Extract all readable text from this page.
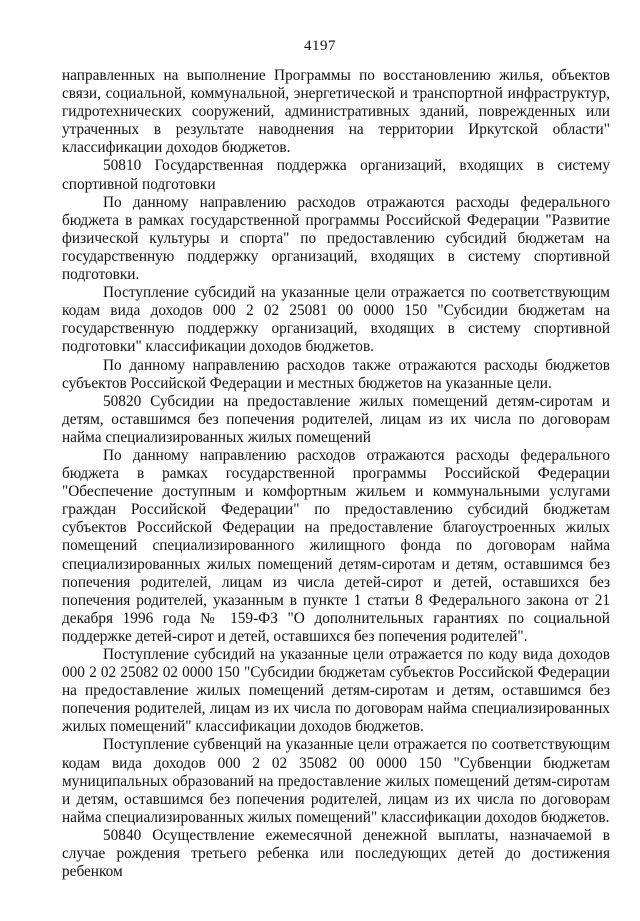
4197

направленных на выполнение Программы по восстановлению жилья, объектов связи, социальной, коммунальной, энергетической и транспортной инфраструктур, гидротехнических сооружений, административных зданий, поврежденных или утраченных в результате наводнения на территории Иркутской области" классификации доходов бюджетов.

50810 Государственная поддержка организаций, входящих в систему спортивной подготовки

По данному направлению расходов отражаются расходы федерального бюджета в рамках государственной программы Российской Федерации "Развитие физической культуры и спорта" по предоставлению субсидий бюджетам на государственную поддержку организаций, входящих в систему спортивной подготовки.

Поступление субсидий на указанные цели отражается по соответствующим кодам вида доходов 000 2 02 25081 00 0000 150 "Субсидии бюджетам на государственную поддержку организаций, входящих в систему спортивной подготовки" классификации доходов бюджетов.

По данному направлению расходов также отражаются расходы бюджетов субъектов Российской Федерации и местных бюджетов на указанные цели.

50820 Субсидии на предоставление жилых помещений детям-сиротам и детям, оставшимся без попечения родителей, лицам из их числа по договорам найма специализированных жилых помещений

По данному направлению расходов отражаются расходы федерального бюджета в рамках государственной программы Российской Федерации "Обеспечение доступным и комфортным жильем и коммунальными услугами граждан Российской Федерации" по предоставлению субсидий бюджетам субъектов Российской Федерации на предоставление благоустроенных жилых помещений специализированного жилищного фонда по договорам найма специализированных жилых помещений детям-сиротам и детям, оставшимся без попечения родителей, лицам из числа детей-сирот и детей, оставшихся без попечения родителей, указанным в пункте 1 статьи 8 Федерального закона от 21 декабря 1996 года № 159-ФЗ "О дополнительных гарантиях по социальной поддержке детей-сирот и детей, оставшихся без попечения родителей".

Поступление субсидий на указанные цели отражается по коду вида доходов 000 2 02 25082 02 0000 150 "Субсидии бюджетам субъектов Российской Федерации на предоставление жилых помещений детям-сиротам и детям, оставшимся без попечения родителей, лицам из их числа по договорам найма специализированных жилых помещений" классификации доходов бюджетов.

Поступление субвенций на указанные цели отражается по соответствующим кодам вида доходов 000 2 02 35082 00 0000 150 "Субвенции бюджетам муниципальных образований на предоставление жилых помещений детям-сиротам и детям, оставшимся без попечения родителей, лицам из их числа по договорам найма специализированных жилых помещений" классификации доходов бюджетов.

50840 Осуществление ежемесячной денежной выплаты, назначаемой в случае рождения третьего ребенка или последующих детей до достижения ребенком
